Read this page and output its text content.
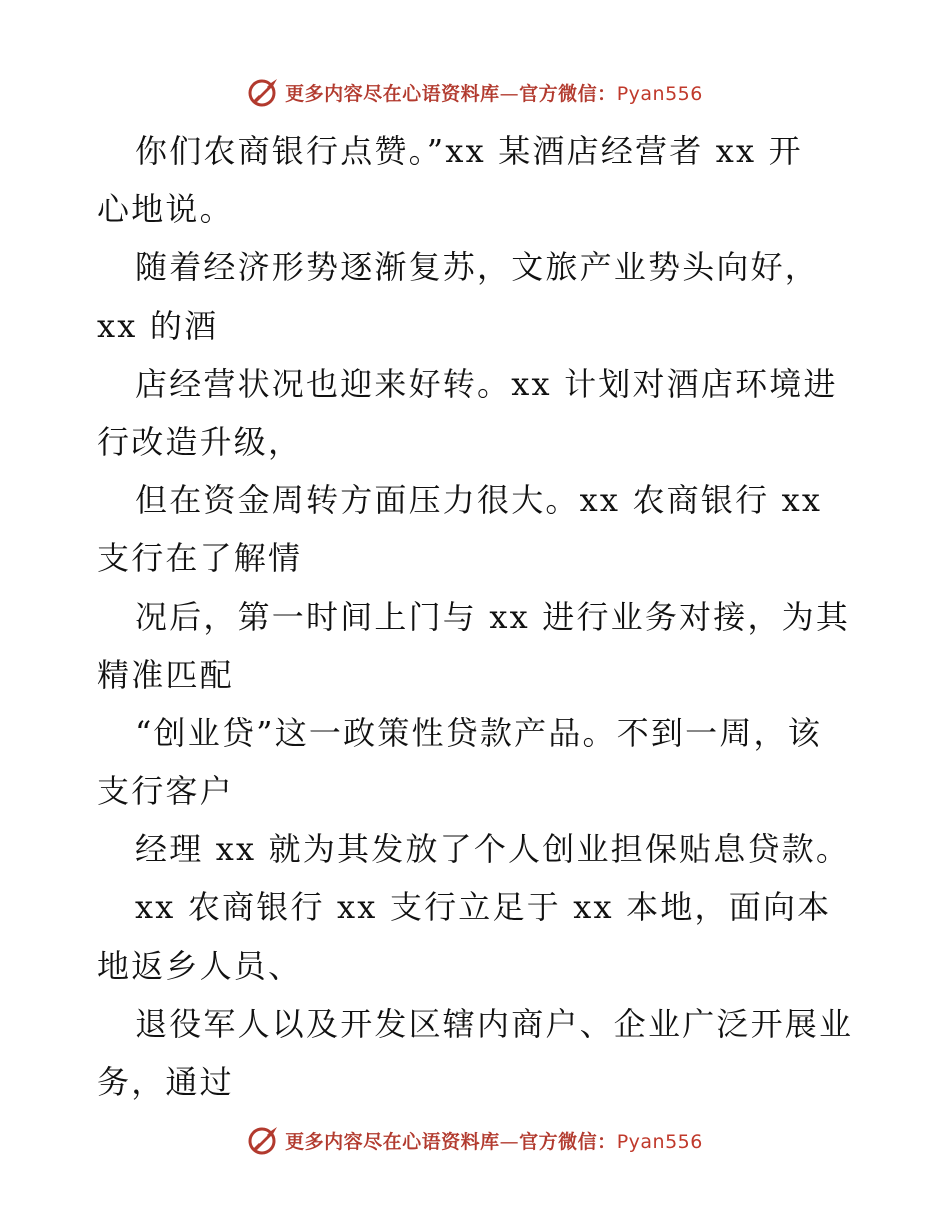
更多内容尽在心语资料库—官方微信：Pyan556
你们农商银行点赞。”xx 某酒店经营者 xx 开
心地说。
随着经济形势逐渐复苏，文旅产业势头向好，
xx 的酒
店经营状况也迎来好转。xx 计划对酒店环境进
行改造升级，
但在资金周转方面压力很大。xx 农商银行 xx
支行在了解情
况后，第一时间上门与 xx 进行业务对接，为其
精准匹配
“创业贷”这一政策性贷款产品。不到一周，该
支行客户
经理 xx 就为其发放了个人创业担保贴息贷款。
xx 农商银行 xx 支行立足于 xx 本地，面向本
地返乡人员、
退役军人以及开发区辖内商户、企业广泛开展业
务，通过
更多内容尽在心语资料库—官方微信：Pyan556
